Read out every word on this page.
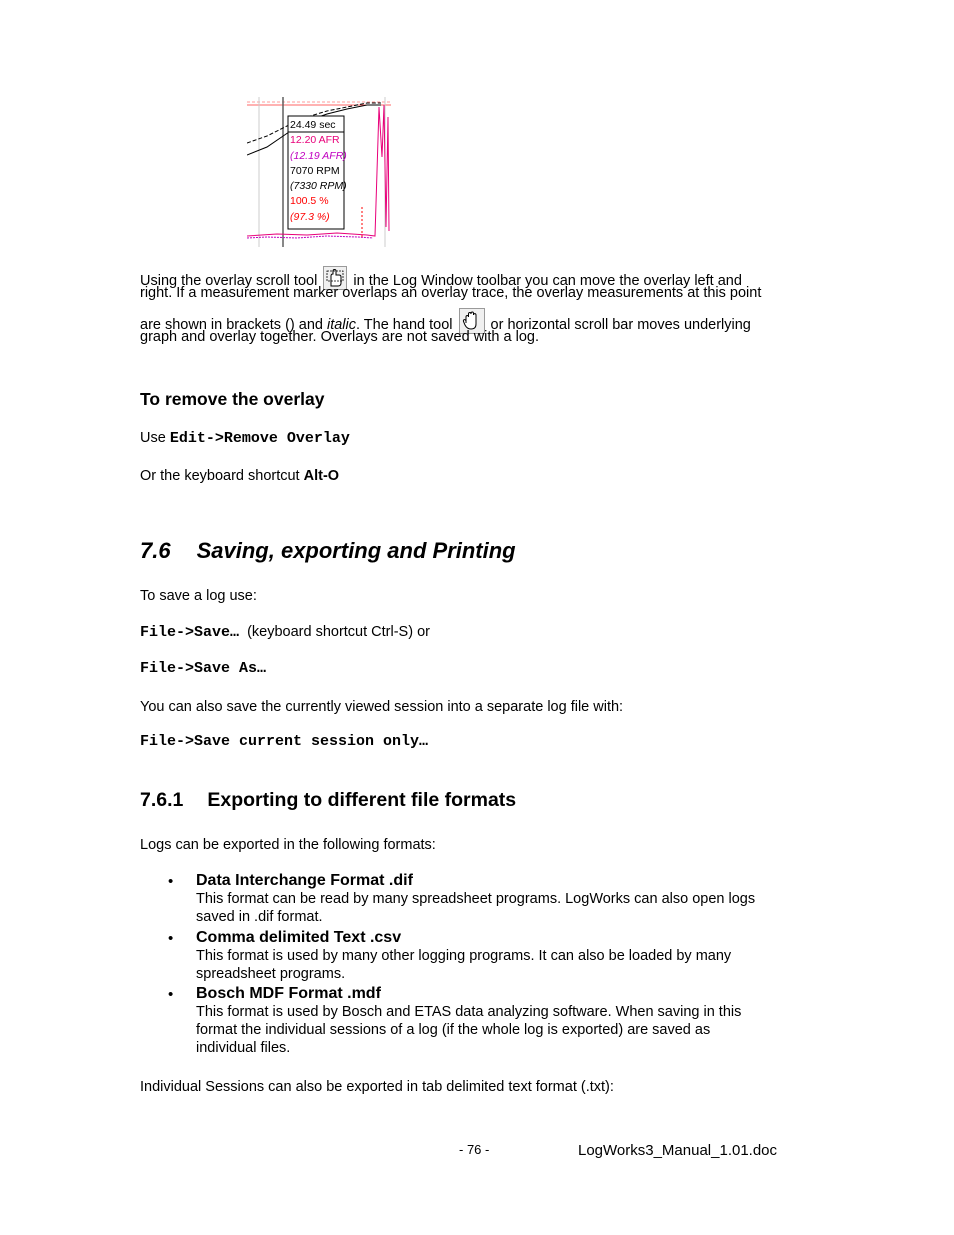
24.49 sec
12.20 AFR
(12.19 AFR)
7070 RPM
(7330 RPM)
100.5 %
(97.3 %)
Using the overlay scroll tool in the Log Window toolbar you can move the overlay left and
right. If a measurement marker overlaps an overlay trace, the overlay measurements at this point
are shown in brackets () and italic. The hand tool	or horizontal scroll bar moves underlying
graph and overlay together. Overlays are not saved with a log.
To remove the overlay
Use Edit->Remove Overlay
Or the keyboard shortcut Alt-O
7.6 Saving, exporting and Printing
To save a log use:
File->Save… (keyboard shortcut Ctrl-S) or
File->Save As…
You can also save the currently viewed session into a separate log file with:
File->Save current session only…
7.6.1 Exporting to different file formats
Logs can be exported in the following formats:
• Data Interchange Format .dif
This format can be read by many spreadsheet programs. LogWorks can also open logs
saved in .dif format.
• Comma delimited Text .csv
This format is used by many other logging programs. It can also be loaded by many
spreadsheet programs.
• Bosch MDF Format .mdf
This format is used by Bosch and ETAS data analyzing software. When saving in this
format the individual sessions of a log (if the whole log is exported) are saved as
individual files.
Individual Sessions can also be exported in tab delimited text format (.txt):
- 76 -	LogWorks3_Manual_1.01.doc
